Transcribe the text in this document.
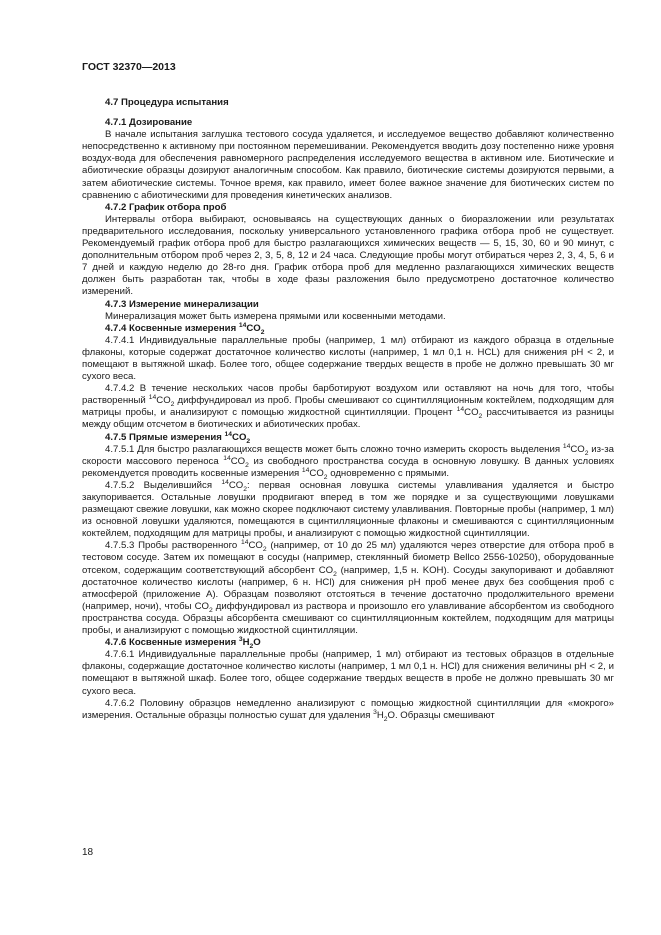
ГОСТ 32370—2013
4.7 Процедура испытания
4.7.1 Дозирование

В начале испытания заглушка тестового сосуда удаляется, и исследуемое вещество добавляют количественно непосредственно к активному при постоянном перемешивании. Рекомендуется вводить дозу постепенно ниже уровня воздух-вода для обеспечения равномерного распределения исследуемого вещества в активном иле. Биотические и абиотические образцы дозируют аналогичным способом. Как правило, биотические системы дозируются первыми, а затем абиотические системы. Точное время, как правило, имеет более важное значение для биотических систем по сравнению с абиотическими для проведения кинетических анализов.

4.7.2 График отбора проб

Интервалы отбора выбирают, основываясь на существующих данных о биоразложении или результатах предварительного исследования, поскольку универсального установленного графика отбора проб не существует. Рекомендуемый график отбора проб для быстро разлагающихся химических веществ — 5, 15, 30, 60 и 90 минут, с дополнительным отбором проб через 2, 3, 5, 8, 12 и 24 часа. Следующие пробы могут отбираться через 2, 3, 4, 5, 6 и 7 дней и каждую неделю до 28-го дня. График отбора проб для медленно разлагающихся химических веществ должен быть разработан так, чтобы в ходе фазы разложения было предусмотрено достаточное количество измерений.

4.7.3 Измерение минерализации

Минерализация может быть измерена прямыми или косвенными методами.

4.7.4 Косвенные измерения $^{14}CO_2$

4.7.4.1 Индивидуальные параллельные пробы (например, 1 мл) отбирают из каждого образца в отдельные флаконы, которые содержат достаточное количество кислоты (например, 1 мл 0,1 н. HCL) для снижения pH < 2, и помещают в вытяжной шкаф. Более того, общее содержание твердых веществ в пробе не должно превышать 30 мг сухого веса.

4.7.4.2 В течение нескольких часов пробы барботируют воздухом или оставляют на ночь для того, чтобы растворенный $^{14}CO_2$ диффундировал из проб. Пробы смешивают со сцинтилляционным коктейлем, подходящим для матрицы пробы, и анализируют с помощью жидкостной сцинтилляции. Процент $^{14}CO_2$ рассчитывается из разницы между общим отсчетом в биотических и абиотических пробах.

4.7.5 Прямые измерения $^{14}CO_2$

4.7.5.1 Для быстро разлагающихся веществ может быть сложно точно измерить скорость выделения $^{14}CO_2$ из-за скорости массового переноса $^{14}CO_2$ из свободного пространства сосуда в основную ловушку. В данных условиях рекомендуется проводить косвенные измерения $^{14}CO_2$ одновременно с прямыми.

4.7.5.2 Выделившийся $^{14}CO_2$: первая основная ловушка системы улавливания удаляется и быстро закупоривается. Остальные ловушки продвигают вперед в том же порядке и за существующими ловушками размещают свежие ловушки, как можно скорее подключают систему улавливания. Повторные пробы (например, 1 мл) из основной ловушки удаляются, помещаются в сцинтилляционные флаконы и смешиваются с сцинтилляционным коктейлем, подходящим для матрицы пробы, и анализируют с помощью жидкостной сцинтилляции.

4.7.5.3 Пробы растворенного $^{14}CO_2$ (например, от 10 до 25 мл) удаляются через отверстие для отбора проб в тестовом сосуде. Затем их помещают в сосуды (например, стеклянный биометр Bellco 2556-10250), оборудованные отсеком, содержащим соответствующий абсорбент $CO_2$ (например, 1,5 н. KOH). Сосуды закупоривают и добавляют достаточное количество кислоты (например, 6 н. HCl) для снижения pH проб менее двух без сообщения проб с атмосферой (приложение А). Образцам позволяют отстояться в течение достаточно продолжительного времени (например, ночи), чтобы $CO_2$ диффундировал из раствора и произошло его улавливание абсорбентом из свободного пространства сосуда. Образцы абсорбента смешивают со сцинтилляционным коктейлем, подходящим для матрицы пробы, и анализируют с помощью жидкостной сцинтилляции.

4.7.6 Косвенные измерения $^3H_2O$

4.7.6.1 Индивидуальные параллельные пробы (например, 1 мл) отбирают из тестовых образцов в отдельные флаконы, содержащие достаточное количество кислоты (например, 1 мл 0,1 н. HCl) для снижения величины pH < 2, и помещают в вытяжной шкаф. Более того, общее содержание твердых веществ в пробе не должно превышать 30 мг сухого веса.

4.7.6.2 Половину образцов немедленно анализируют с помощью жидкостной сцинтилляции для «мокрого» измерения. Остальные образцы полностью сушат для удаления $^3H_2O$. Образцы смешивают

18
